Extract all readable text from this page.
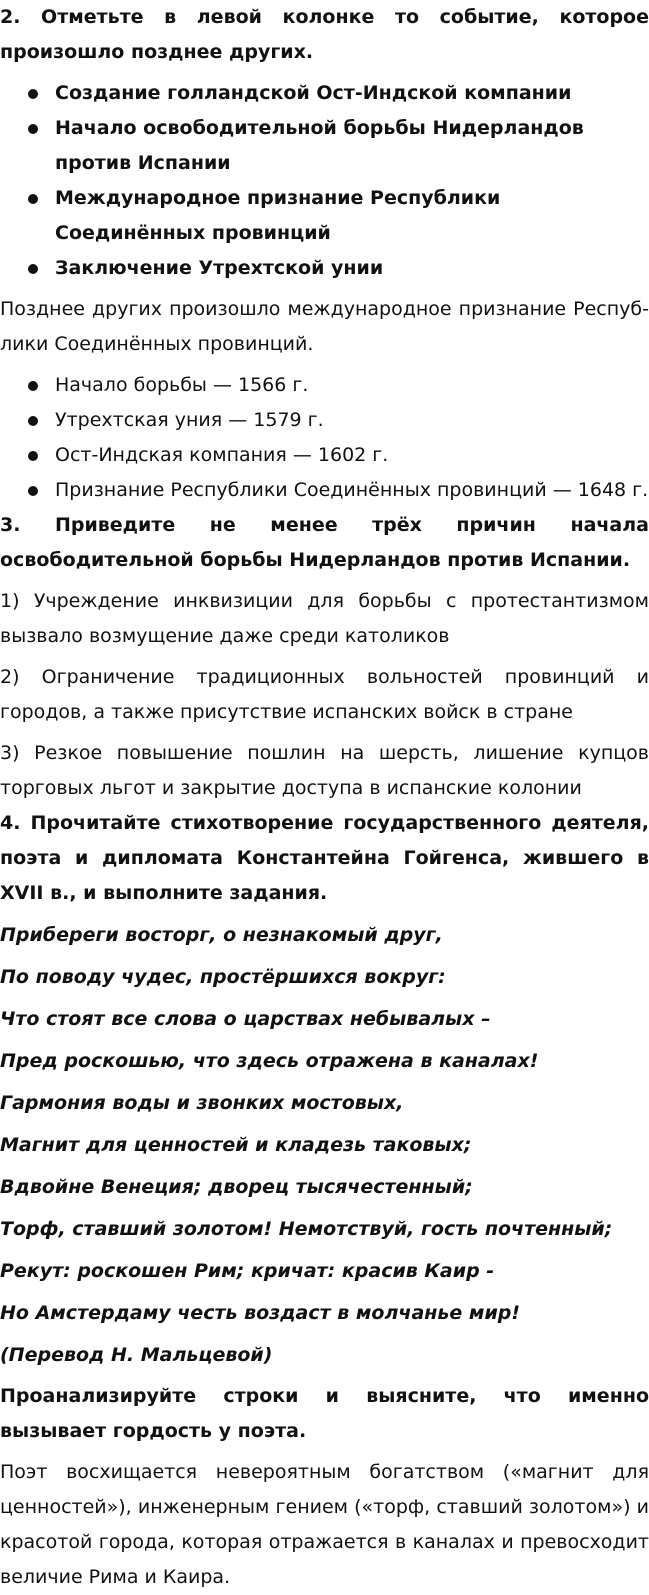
2. Отметьте в левой колонке то событие, которое произошло позднее других.

Создание голландской Ост-Индской компании
Начало освободительной борьбы Нидерландов против Испании
Международное признание Республики Соединённых провинций
Заключение Утрехтской унии

Позднее других произошло международное признание Респуб-лики Соединённых провинций.

Начало борьбы — 1566 г.
Утрехтская уния — 1579 г.
Ост-Индская компания — 1602 г.
Признание Республики Соединённых провинций — 1648 г.

3. Приведите не менее трёх причин начала освободительной борьбы Нидерландов против Испании.

1) Учреждение инквизиции для борьбы с протестантизмом вызвало возмущение даже среди католиков

2) Ограничение традиционных вольностей провинций и городов, а также присутствие испанских войск в стране

3) Резкое повышение пошлин на шерсть, лишение купцов торговых льгот и закрытие доступа в испанские колонии

4. Прочитайте стихотворение государственного деятеля, поэта и дипломата Константейна Гойгенса, жившего в XVII в., и выполните задания.

Прибереги восторг, о незнакомый друг,

По поводу чудес, простёршихся вокруг:

Что стоят все слова о царствах небывалых –

Пред роскошью, что здесь отражена в каналах!

Гармония воды и звонких мостовых,

Магнит для ценностей и кладезь таковых;

Вдвойне Венеция; дворец тысячестенный;

Торф, ставший золотом! Немотствуй, гость почтенный;

Рекут: роскошен Рим; кричат: красив Каир -

Но Амстердаму честь воздаст в молчанье мир!

(Перевод Н. Мальцевой)

Проанализируйте строки и выясните, что именно вызывает гордость у поэта.

Поэт восхищается невероятным богатством («магнит для ценностей»), инженерным гением («торф, ставший золотом») и красотой города, которая отражается в каналах и превосходит величие Рима и Каира.
